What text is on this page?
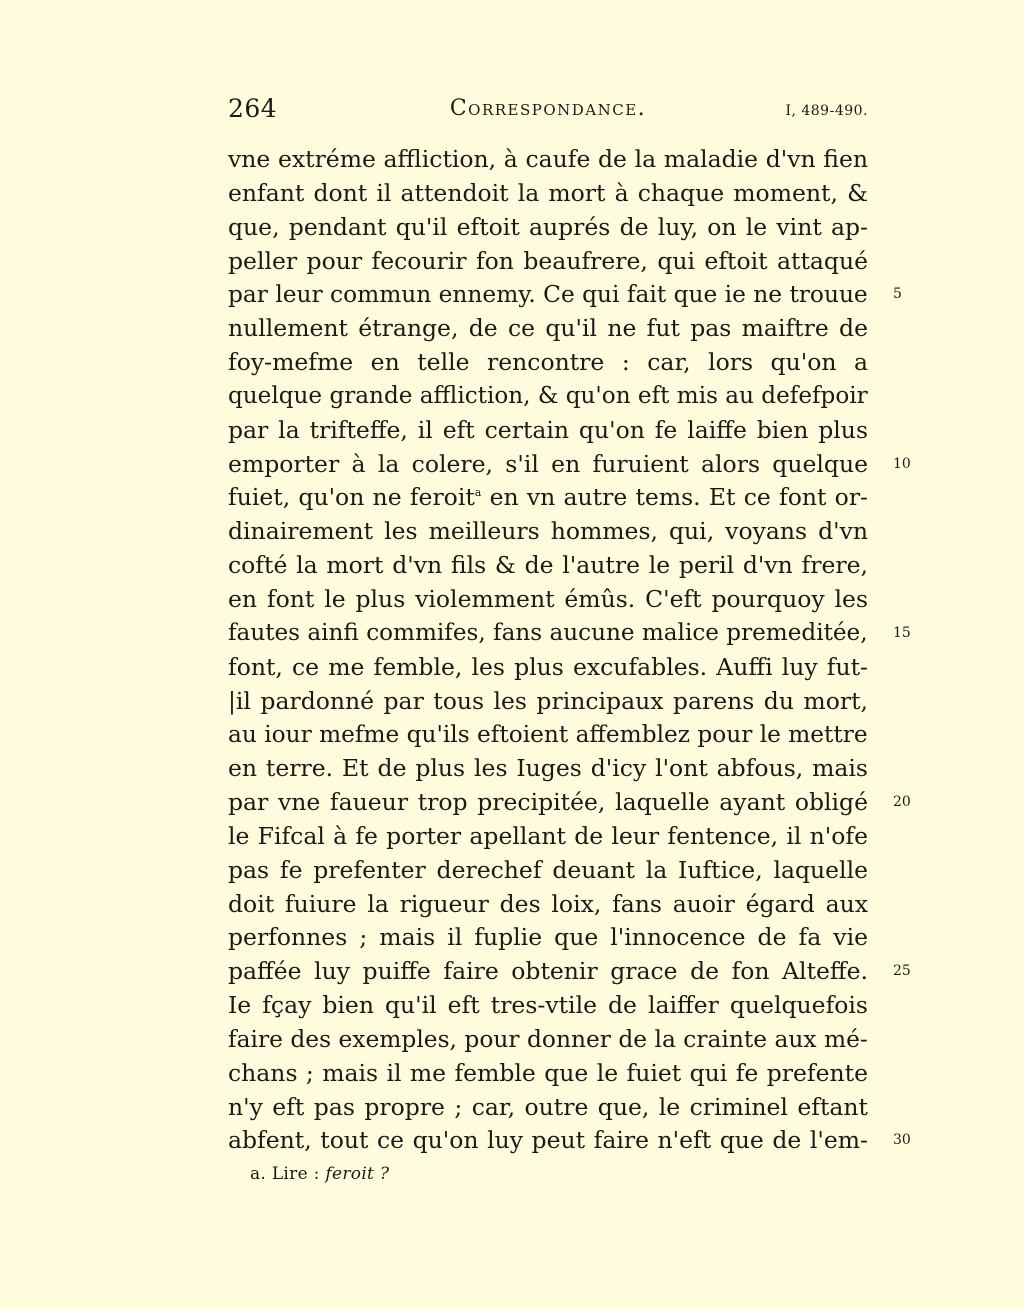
264	Correspondance.	I, 489-490.
vne extréme affliction, à caufe de la maladie d'vn fien
enfant dont il attendoit la mort à chaque moment, &
que, pendant qu'il eftoit auprés de luy, on le vint ap-
peller pour fecourir fon beaufrere, qui eftoit attaqué
par leur commun ennemy. Ce qui fait que ie ne trouue 5
nullement étrange, de ce qu'il ne fut pas maiftre de
foy-mefme en telle rencontre : car, lors qu'on a
quelque grande affliction, & qu'on eft mis au defefpoir
par la trifteffe, il eft certain qu'on fe laiffe bien plus
emporter à la colere, s'il en furuient alors quelque 10
fuiet, qu'on ne feroit$^a$ en vn autre tems. Et ce font or-
dinairement les meilleurs hommes, qui, voyans d'vn
cofté la mort d'vn fils & de l'autre le peril d'vn frere,
en font le plus violemment émûs. C'eft pourquoy les
fautes ainfi commifes, fans aucune malice premeditée, 15
font, ce me femble, les plus excufables. Auffi luy fut-
|il pardonné par tous les principaux parens du mort,
au iour mefme qu'ils eftoient affemblez pour le mettre
en terre. Et de plus les Iuges d'icy l'ont abfous, mais
par vne faueur trop precipitée, laquelle ayant obligé 20
le Fifcal à fe porter apellant de leur fentence, il n'ofe
pas fe prefenter derechef deuant la Iuftice, laquelle
doit fuiure la rigueur des loix, fans auoir égard aux
perfonnes ; mais il fuplie que l'innocence de fa vie
paffée luy puiffe faire obtenir grace de fon Alteffe. 25
Ie fçay bien qu'il eft tres-vtile de laiffer quelquefois
faire des exemples, pour donner de la crainte aux mé-
chans ; mais il me femble que le fuiet qui fe prefente
n'y eft pas propre ; car, outre que, le criminel eftant
abfent, tout ce qu'on luy peut faire n'eft que de l'em- 30
a. Lire : feroit ?
